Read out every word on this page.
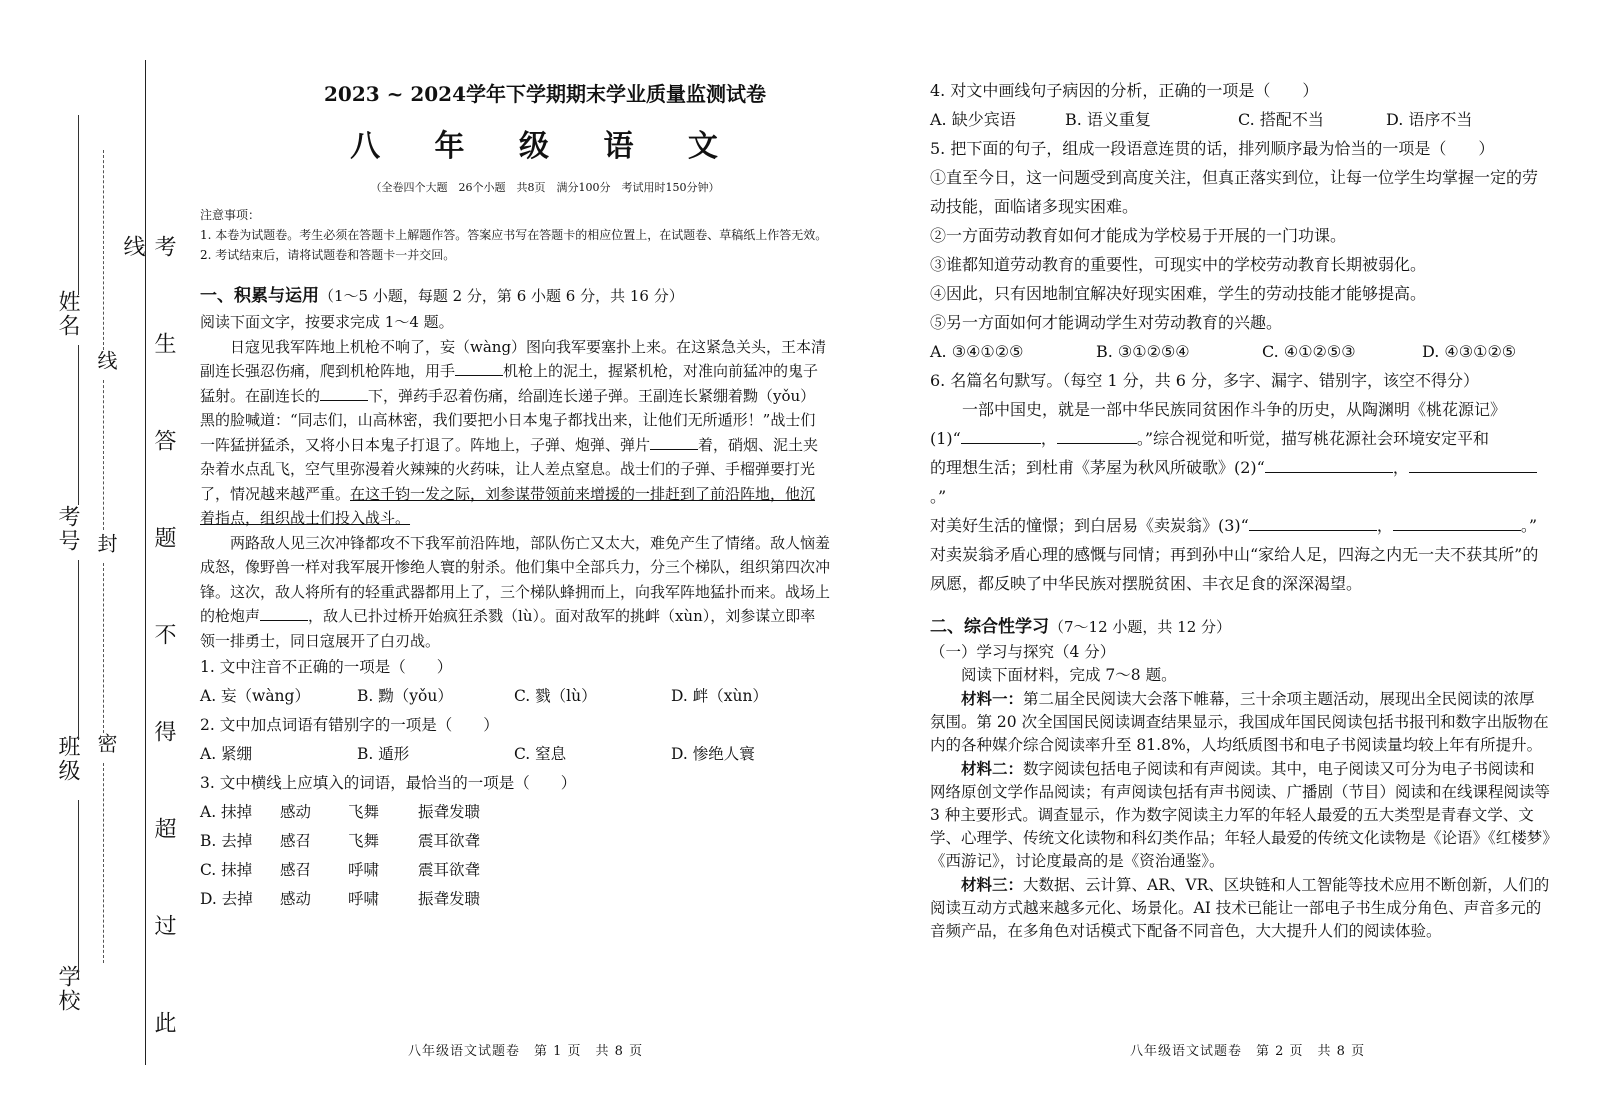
学校
班级
考号
姓名
线
封
密	考 生 答 题 不 得 超 过 此 线
2023 ~ 2024学年下学期期末学业质量监测试卷
八 年 级 语 文
（全卷四个大题　26个小题　共8页　满分100分　考试用时150分钟）
注意事项：
1. 本卷为试题卷。考生必须在答题卡上解题作答。答案应书写在答题卡的相应位置上，在试题卷、草稿纸上作答无效。
2. 考试结束后，请将试题卷和答题卡一并交回。
一、积累与运用（1～5 小题，每题 2 分，第 6 小题 6 分，共 16 分）
阅读下面文字，按要求完成 1～4 题。
日寇见我军阵地上机枪不响了，妄（wàng）图向我军要塞扑上来。在这紧急关头，王本清副连长强忍伤痛，爬到机枪阵地，用手	机枪上的泥土，握紧机枪，对准向前猛冲的鬼子猛射。在副连长的	下，弹药手忍着伤痛，给副连长递子弹。王副连长紧绷着黝（yǒu）黑的脸喊道：“同志们，山高林密，我们要把小日本鬼子都找出来，让他们无所遁形！”战士们一阵猛拼猛杀，又将小日本鬼子打退了。阵地上，子弹、炮弹、弹片	着，硝烟、泥土夹杂着水点乱飞，空气里弥漫着火辣辣的火药味，让人差点窒息。战士们的子弹、手榴弹要打光了，情况越来越严重。在这千钧一发之际，刘参谋带领前来增援的一排赶到了前沿阵地，他沉着指点，组织战士们投入战斗。
两路敌人见三次冲锋都攻不下我军前沿阵地，部队伤亡又太大，难免产生了情绪。敌人恼羞成怒，像野兽一样对我军展开惨绝人寰的射杀。他们集中全部兵力，分三个梯队，组织第四次冲锋。这次，敌人将所有的轻重武器都用上了，三个梯队蜂拥而上，向我军阵地猛扑而来。战场上的枪炮声	，敌人已扑过桥开始疯狂杀戮（lù）。面对敌军的挑衅（xùn），刘参谋立即率领一排勇士，同日寇展开了白刃战。
1. 文中注音不正确的一项是（　　）
A. 妄（wàng）	B. 黝（yǒu）	C. 戮（lù）	D. 衅（xùn）
2. 文中加点词语有错别字的一项是（　　）
A. 紧绷	B. 遁形	C. 窒息	D. 惨绝人寰
3. 文中横线上应填入的词语，最恰当的一项是（　　）
A. 抹掉	感动	飞舞	振聋发聩
B. 去掉	感召	飞舞	震耳欲聋
C. 抹掉	感召	呼啸	震耳欲聋
D. 去掉	感动	呼啸	振聋发聩
八年级语文试题卷　第 1 页　共 8 页
4. 对文中画线句子病因的分析，正确的一项是（　　）
A. 缺少宾语	B. 语义重复	C. 搭配不当	D. 语序不当
5. 把下面的句子，组成一段语意连贯的话，排列顺序最为恰当的一项是（　　）
①直至今日，这一问题受到高度关注，但真正落实到位，让每一位学生均掌握一定的劳动技能，面临诸多现实困难。
②一方面劳动教育如何才能成为学校易于开展的一门功课。
③谁都知道劳动教育的重要性，可现实中的学校劳动教育长期被弱化。
④因此，只有因地制宜解决好现实困难，学生的劳动技能才能够提高。
⑤另一方面如何才能调动学生对劳动教育的兴趣。
A. ③④①②⑤	B. ③①②⑤④	C. ④①②⑤③	D. ④③①②⑤
6. 名篇名句默写。（每空 1 分，共 6 分，多字、漏字、错别字，该空不得分）
一部中国史，就是一部中华民族同贫困作斗争的历史，从陶渊明《桃花源记》
(1)“	，	。”综合视觉和听觉，描写桃花源社会环境安定平和
的理想生活；到杜甫《茅屋为秋风所破歌》(2)“	，。”
对美好生活的憧憬；到白居易《卖炭翁》(3)“	，	。”
对卖炭翁矛盾心理的感慨与同情；再到孙中山“家给人足，四海之内无一夫不获其所”的夙愿，都反映了中华民族对摆脱贫困、丰衣足食的深深渴望。
二、综合性学习（7～12 小题，共 12 分）
（一）学习与探究（4 分）
阅读下面材料，完成 7～8 题。
材料一：第二届全民阅读大会落下帷幕，三十余项主题活动，展现出全民阅读的浓厚氛围。第 20 次全国国民阅读调查结果显示，我国成年国民阅读包括书报刊和数字出版物在内的各种媒介综合阅读率升至 81.8%，人均纸质图书和电子书阅读量均较上年有所提升。
材料二：数字阅读包括电子阅读和有声阅读。其中，电子阅读又可分为电子书阅读和网络原创文学作品阅读；有声阅读包括有声书阅读、广播剧（节目）阅读和在线课程阅读等 3 种主要形式。调查显示，作为数字阅读主力军的年轻人最爱的五大类型是青春文学、文学、心理学、传统文化读物和科幻类作品；年轻人最爱的传统文化读物是《论语》《红楼梦》《西游记》，讨论度最高的是《资治通鉴》。
材料三：大数据、云计算、AR、VR、区块链和人工智能等技术应用不断创新，人们的阅读互动方式越来越多元化、场景化。AI 技术已能让一部电子书生成分角色、声音多元的音频产品，在多角色对话模式下配备不同音色，大大提升人们的阅读体验。
八年级语文试题卷　第 2 页　共 8 页
